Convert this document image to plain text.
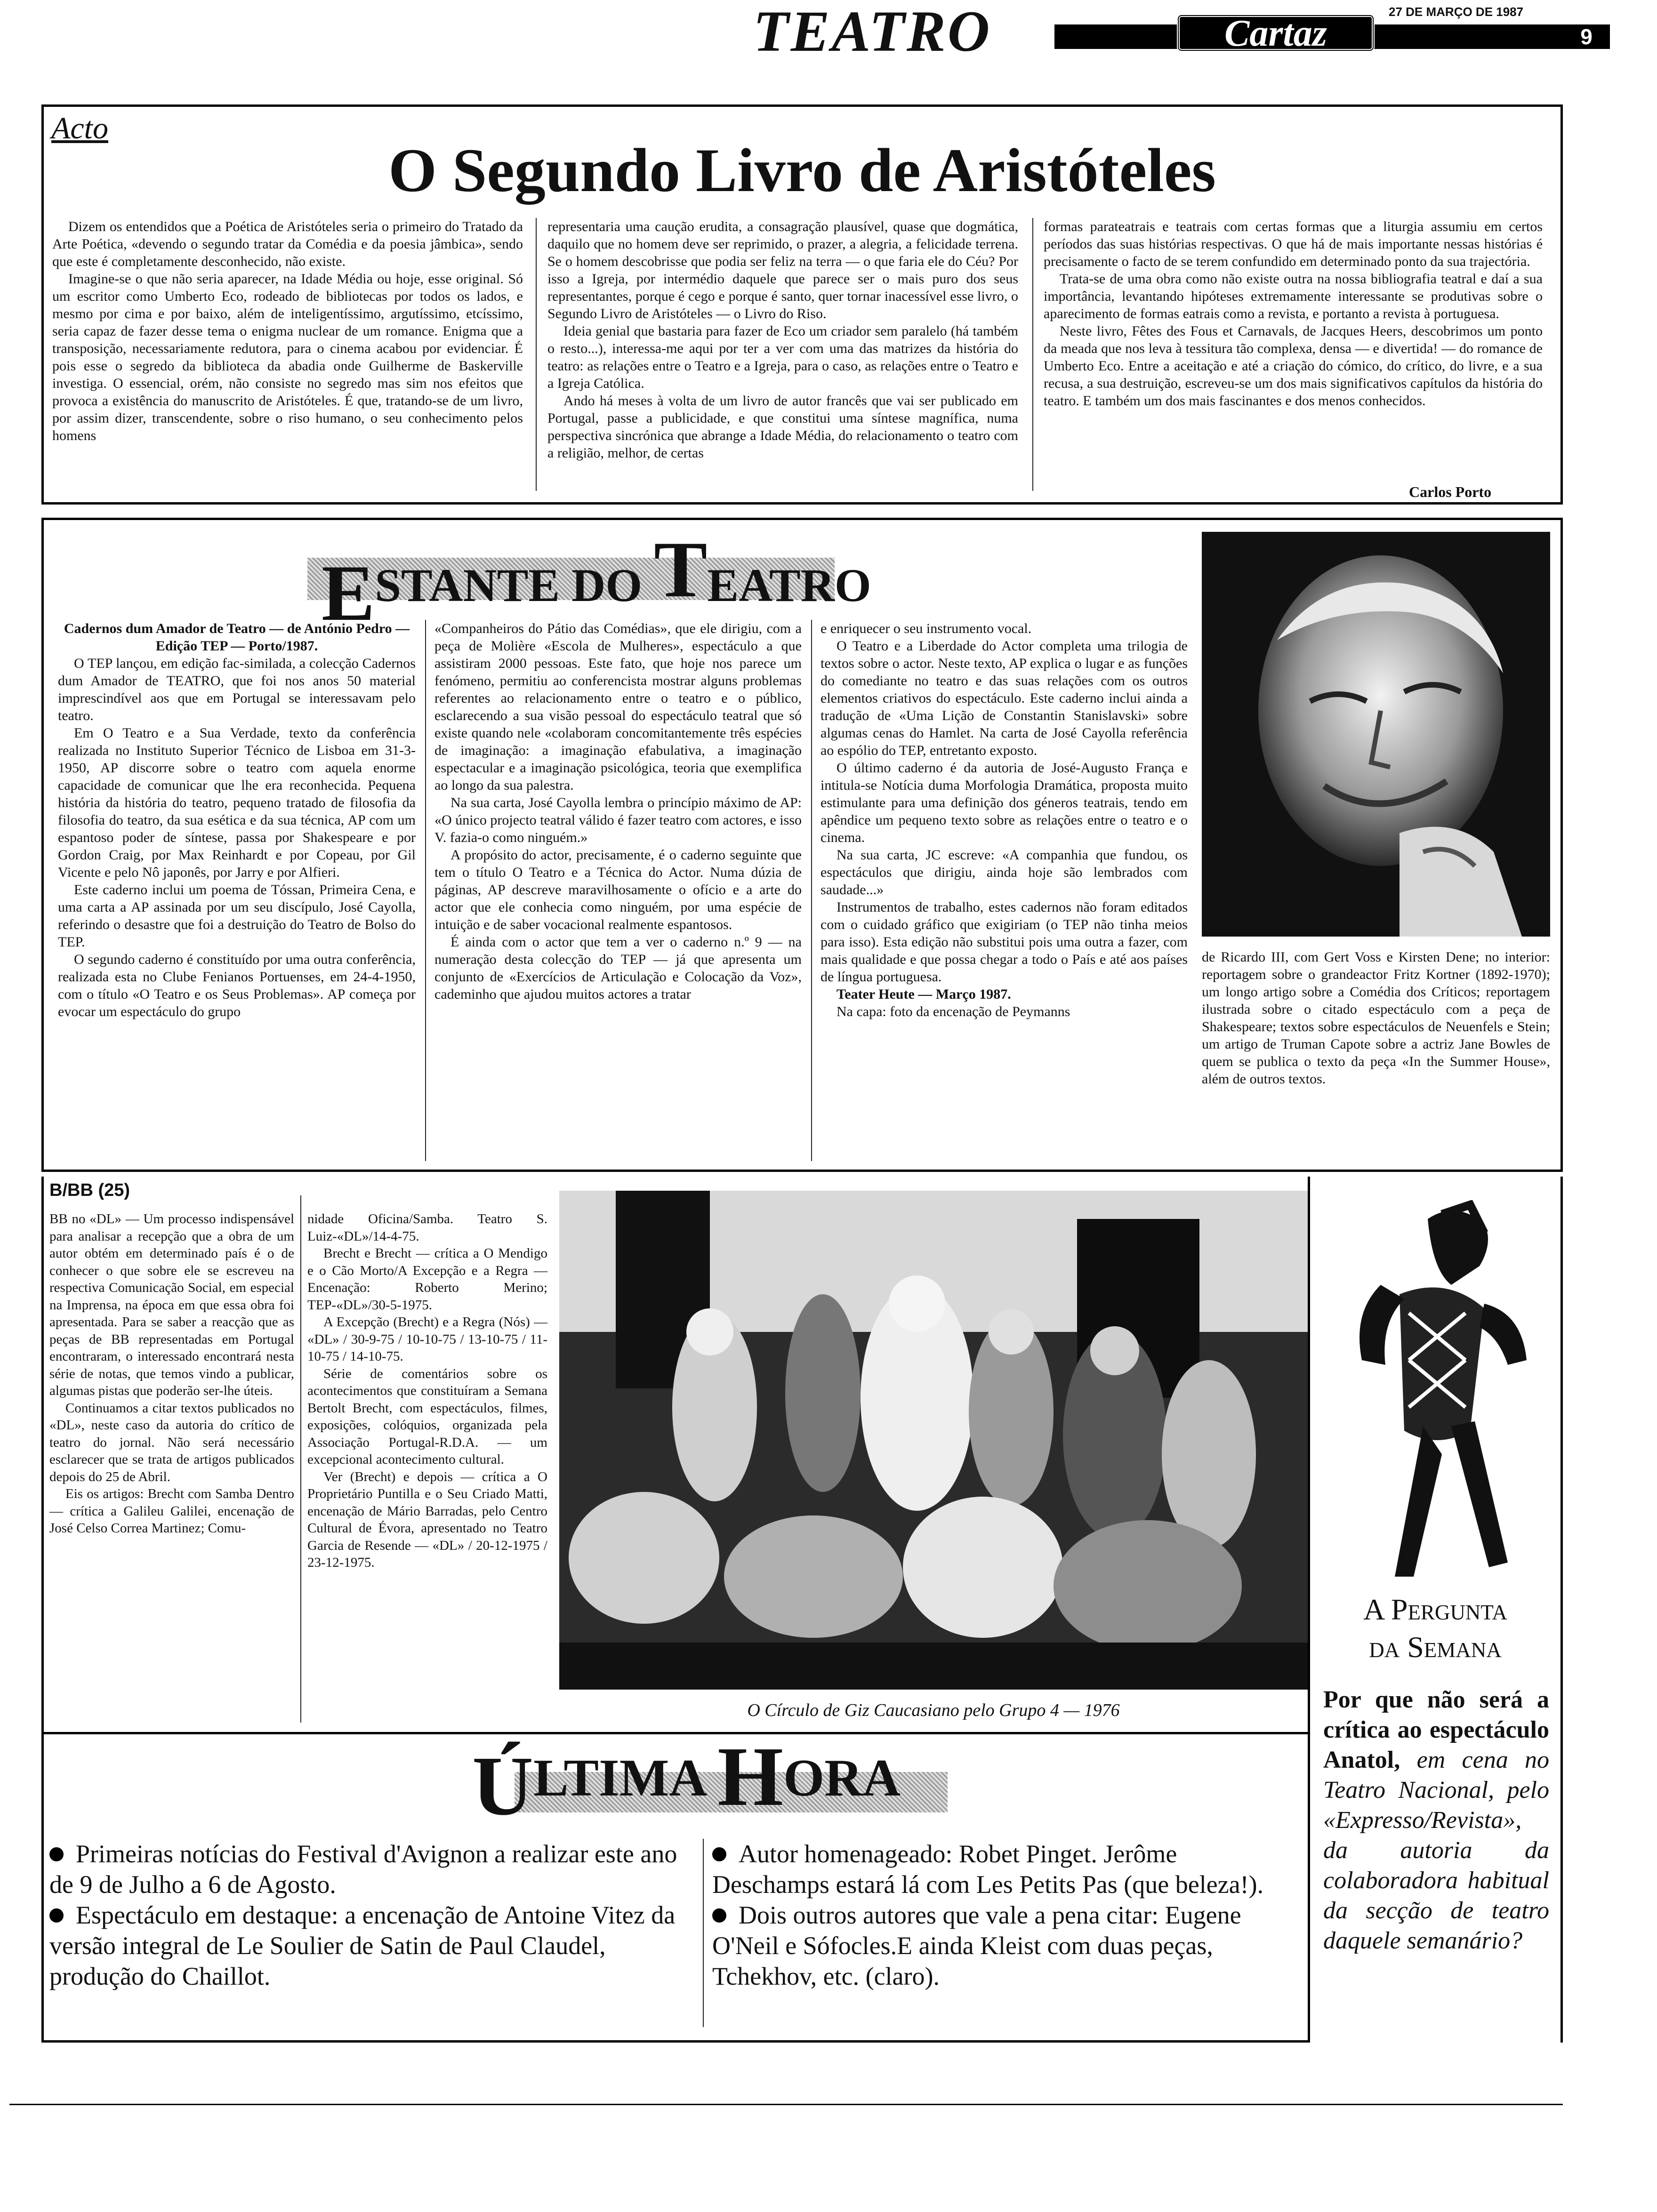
TEATRO	Cartaz
27 DE MARÇO DE 1987
9
Acto
O Segundo Livro de Aristóteles

Dizem os entendidos que a Poética de Aristóteles seria o primeiro do Tratado da Arte Poética, «devendo o segundo tratar da Comédia e da poesia jâmbica», sendo que este é completamente desconhecido, não existe.

Imagine-se o que não seria aparecer, na Idade Média ou hoje, esse original. Só um escritor como Umberto Eco, rodeado de bibliotecas por todos os lados, e mesmo por cima e por baixo, além de inteligentíssimo, argutíssimo, etcíssimo, seria capaz de fazer desse tema o enigma nuclear de um romance. Enigma que a transposição, necessariamente redutora, para o cinema acabou por evidenciar. É pois esse o segredo da biblioteca da abadia onde Guilherme de Baskerville investiga. O essencial, orém, não consiste no segredo mas sim nos efeitos que provoca a existência do manuscrito de Aristóteles. É que, tratando-se de um livro, por assim dizer, transcendente, sobre o riso humano, o seu conhecimento pelos homens

representaria uma caução erudita, a consagração plausível, quase que dogmática, daquilo que no homem deve ser reprimido, o prazer, a alegria, a felicidade terrena. Se o homem descobrisse que podia ser feliz na terra — o que faria ele do Céu? Por isso a Igreja, por intermédio daquele que parece ser o mais puro dos seus representantes, porque é cego e porque é santo, quer tornar inacessível esse livro, o Segundo Livro de Aristóteles — o Livro do Riso.

Ideia genial que bastaria para fazer de Eco um criador sem paralelo (há também o resto...), interessa-me aqui por ter a ver com uma das matrizes da história do teatro: as relações entre o Teatro e a Igreja, para o caso, as relações entre o Teatro e a Igreja Católica.

Ando há meses à volta de um livro de autor francês que vai ser publicado em Portugal, passe a publicidade, e que constitui uma síntese magnífica, numa perspectiva sincrónica que abrange a Idade Média, do relacionamento o teatro com a religião, melhor, de certas

formas parateatrais e teatrais com certas formas que a liturgia assumiu em certos períodos das suas histórias respectivas. O que há de mais importante nessas histórias é precisamente o facto de se terem confundido em determinado ponto da sua trajectória.

Trata-se de uma obra como não existe outra na nossa bibliografia teatral e daí a sua importância, levantando hipóteses extremamente interessante se produtivas sobre o aparecimento de formas eatrais como a revista, e portanto a revista à portuguesa.

Neste livro, Fêtes des Fous et Carnavals, de Jacques Heers, descobrimos um ponto da meada que nos leva à tessitura tão complexa, densa — e divertida! — do romance de Umberto Eco. Entre a aceitação e até a criação do cómico, do crítico, do livre, e a sua recusa, a sua destruição, escreveu-se um dos mais significativos capítulos da história do teatro. E também um dos mais fascinantes e dos menos conhecidos.

Carlos Porto
ESTANTE DO TEATRO

Cadernos dum Amador de Teatro — de António Pedro — Edição TEP — Porto/1987.

O TEP lançou, em edição fac-similada, a colecção Cadernos dum Amador de TEATRO, que foi nos anos 50 material imprescindível aos que em Portugal se interessavam pelo teatro.

Em O Teatro e a Sua Verdade, texto da conferência realizada no Instituto Superior Técnico de Lisboa em 31-3-1950, AP discorre sobre o teatro com aquela enorme capacidade de comunicar que lhe era reconhecida. Pequena história da história do teatro, pequeno tratado de filosofia da filosofia do teatro, da sua esética e da sua técnica, AP com um espantoso poder de síntese, passa por Shakespeare e por Gordon Craig, por Max Reinhardt e por Copeau, por Gil Vicente e pelo Nô japonês, por Jarry e por Alfieri.

Este caderno inclui um poema de Tóssan, Primeira Cena, e uma carta a AP assinada por um seu discípulo, José Cayolla, referindo o desastre que foi a destruição do Teatro de Bolso do TEP.

O segundo caderno é constituído por uma outra conferência, realizada esta no Clube Fenianos Portuenses, em 24-4-1950, com o título «O Teatro e os Seus Problemas». AP começa por evocar um espectáculo do grupo

«Companheiros do Pátio das Comédias», que ele dirigiu, com a peça de Molière «Escola de Mulheres», espectáculo a que assistiram 2000 pessoas. Este fato, que hoje nos parece um fenómeno, permitiu ao conferencista mostrar alguns problemas referentes ao relacionamento entre o teatro e o público, esclarecendo a sua visão pessoal do espectáculo teatral que só existe quando nele «colaboram concomitantemente três espécies de imaginação: a imaginação efabulativa, a imaginação espectacular e a imaginação psicológica, teoria que exemplifica ao longo da sua palestra.

Na sua carta, José Cayolla lembra o princípio máximo de AP: «O único projecto teatral válido é fazer teatro com actores, e isso V. fazia-o como ninguém.»

A propósito do actor, precisamente, é o caderno seguinte que tem o título O Teatro e a Técnica do Actor. Numa dúzia de páginas, AP descreve maravilhosamente o ofício e a arte do actor que ele conhecia como ninguém, por uma espécie de intuição e de saber vocacional realmente espantosos.

É ainda com o actor que tem a ver o caderno n.º 9 — na numeração desta colecção do TEP — já que apresenta um conjunto de «Exercícios de Articulação e Colocação da Voz», cademinho que ajudou muitos actores a tratar

e enriquecer o seu instrumento vocal.

O Teatro e a Liberdade do Actor completa uma trilogia de textos sobre o actor. Neste texto, AP explica o lugar e as funções do comediante no teatro e das suas relações com os outros elementos criativos do espectáculo. Este caderno inclui ainda a tradução de «Uma Lição de Constantin Stanislavski» sobre algumas cenas do Hamlet. Na carta de José Cayolla referência ao espólio do TEP, entretanto exposto.

O último caderno é da autoria de José-Augusto França e intitula-se Notícia duma Morfologia Dramática, proposta muito estimulante para uma definição dos géneros teatrais, tendo em apêndice um pequeno texto sobre as relações entre o teatro e o cinema.

Na sua carta, JC escreve: «A companhia que fundou, os espectáculos que dirigiu, ainda hoje são lembrados com saudade...»

Instrumentos de trabalho, estes cadernos não foram editados com o cuidado gráfico que exigiriam (o TEP não tinha meios para isso). Esta edição não substitui pois uma outra a fazer, com mais qualidade e que possa chegar a todo o País e até aos países de língua portuguesa.

Teater Heute — Março 1987.

Na capa: foto da encenação de Peymanns

de Ricardo III, com Gert Voss e Kirsten Dene; no interior: reportagem sobre o grandeactor Fritz Kortner (1892-1970); um longo artigo sobre a Comédia dos Críticos; reportagem ilustrada sobre o citado espectáculo com a peça de Shakespeare; textos sobre espectáculos de Neuenfels e Stein; um artigo de Truman Capote sobre a actriz Jane Bowles de quem se publica o texto da peça «In the Summer House», além de outros textos.

B/BB (25)

BB no «DL» — Um processo indispensável para analisar a recepção que a obra de um autor obtém em determinado país é o de conhecer o que sobre ele se escreveu na respectiva Comunicação Social, em especial na Imprensa, na época em que essa obra foi apresentada. Para se saber a reacção que as peças de BB representadas em Portugal encontraram, o interessado encontrará nesta série de notas, que temos vindo a publicar, algumas pistas que poderão ser-lhe úteis.

Continuamos a citar textos publicados no «DL», neste caso da autoria do crítico de teatro do jornal. Não será necessário esclarecer que se trata de artigos publicados depois do 25 de Abril.

Eis os artigos: Brecht com Samba Dentro — crítica a Galileu Galilei, encenação de José Celso Correa Martinez; Comu-

nidade Oficina/Samba. Teatro S. Luiz-«DL»/14-4-75.

Brecht e Brecht — crítica a O Mendigo e o Cão Morto/A Excepção e a Regra — Encenação: Roberto Merino; TEP-«DL»/30-5-1975.

A Excepção (Brecht) e a Regra (Nós) — «DL» / 30-9-75 / 10-10-75 / 13-10-75 / 11-10-75 / 14-10-75.

Série de comentários sobre os acontecimentos que constituíram a Semana Bertolt Brecht, com espectáculos, filmes, exposições, colóquios, organizada pela Associação Portugal-R.D.A. — um excepcional acontecimento cultural.

Ver (Brecht) e depois — crítica a O Proprietário Puntilla e o Seu Criado Matti, encenação de Mário Barradas, pelo Centro Cultural de Évora, apresentado no Teatro Garcia de Resende — «DL» / 20-12-1975 / 23-12-1975.

O Círculo de Giz Caucasiano pelo Grupo 4 — 1976
A Pergunta
da Semana
Por que não será a crítica ao espectáculo Anatol, em cena no Teatro Nacional, pelo «Expresso/Revista», da autoria da colaboradora habitual da secção de teatro daquele semanário?
ÚLTIMA HORA

Primeiras notícias do Festival d'Avignon a realizar este ano de 9 de Julho a 6 de Agosto.

Espectáculo em destaque: a encenação de Antoine Vitez da versão integral de Le Soulier de Satin de Paul Claudel, produção do Chaillot.

Autor homenageado: Robet Pinget. Jerôme Deschamps estará lá com Les Petits Pas (que beleza!).

Dois outros autores que vale a pena citar: Eugene O'Neil e Sófocles.E ainda Kleist com duas peças, Tchekhov, etc. (claro).
